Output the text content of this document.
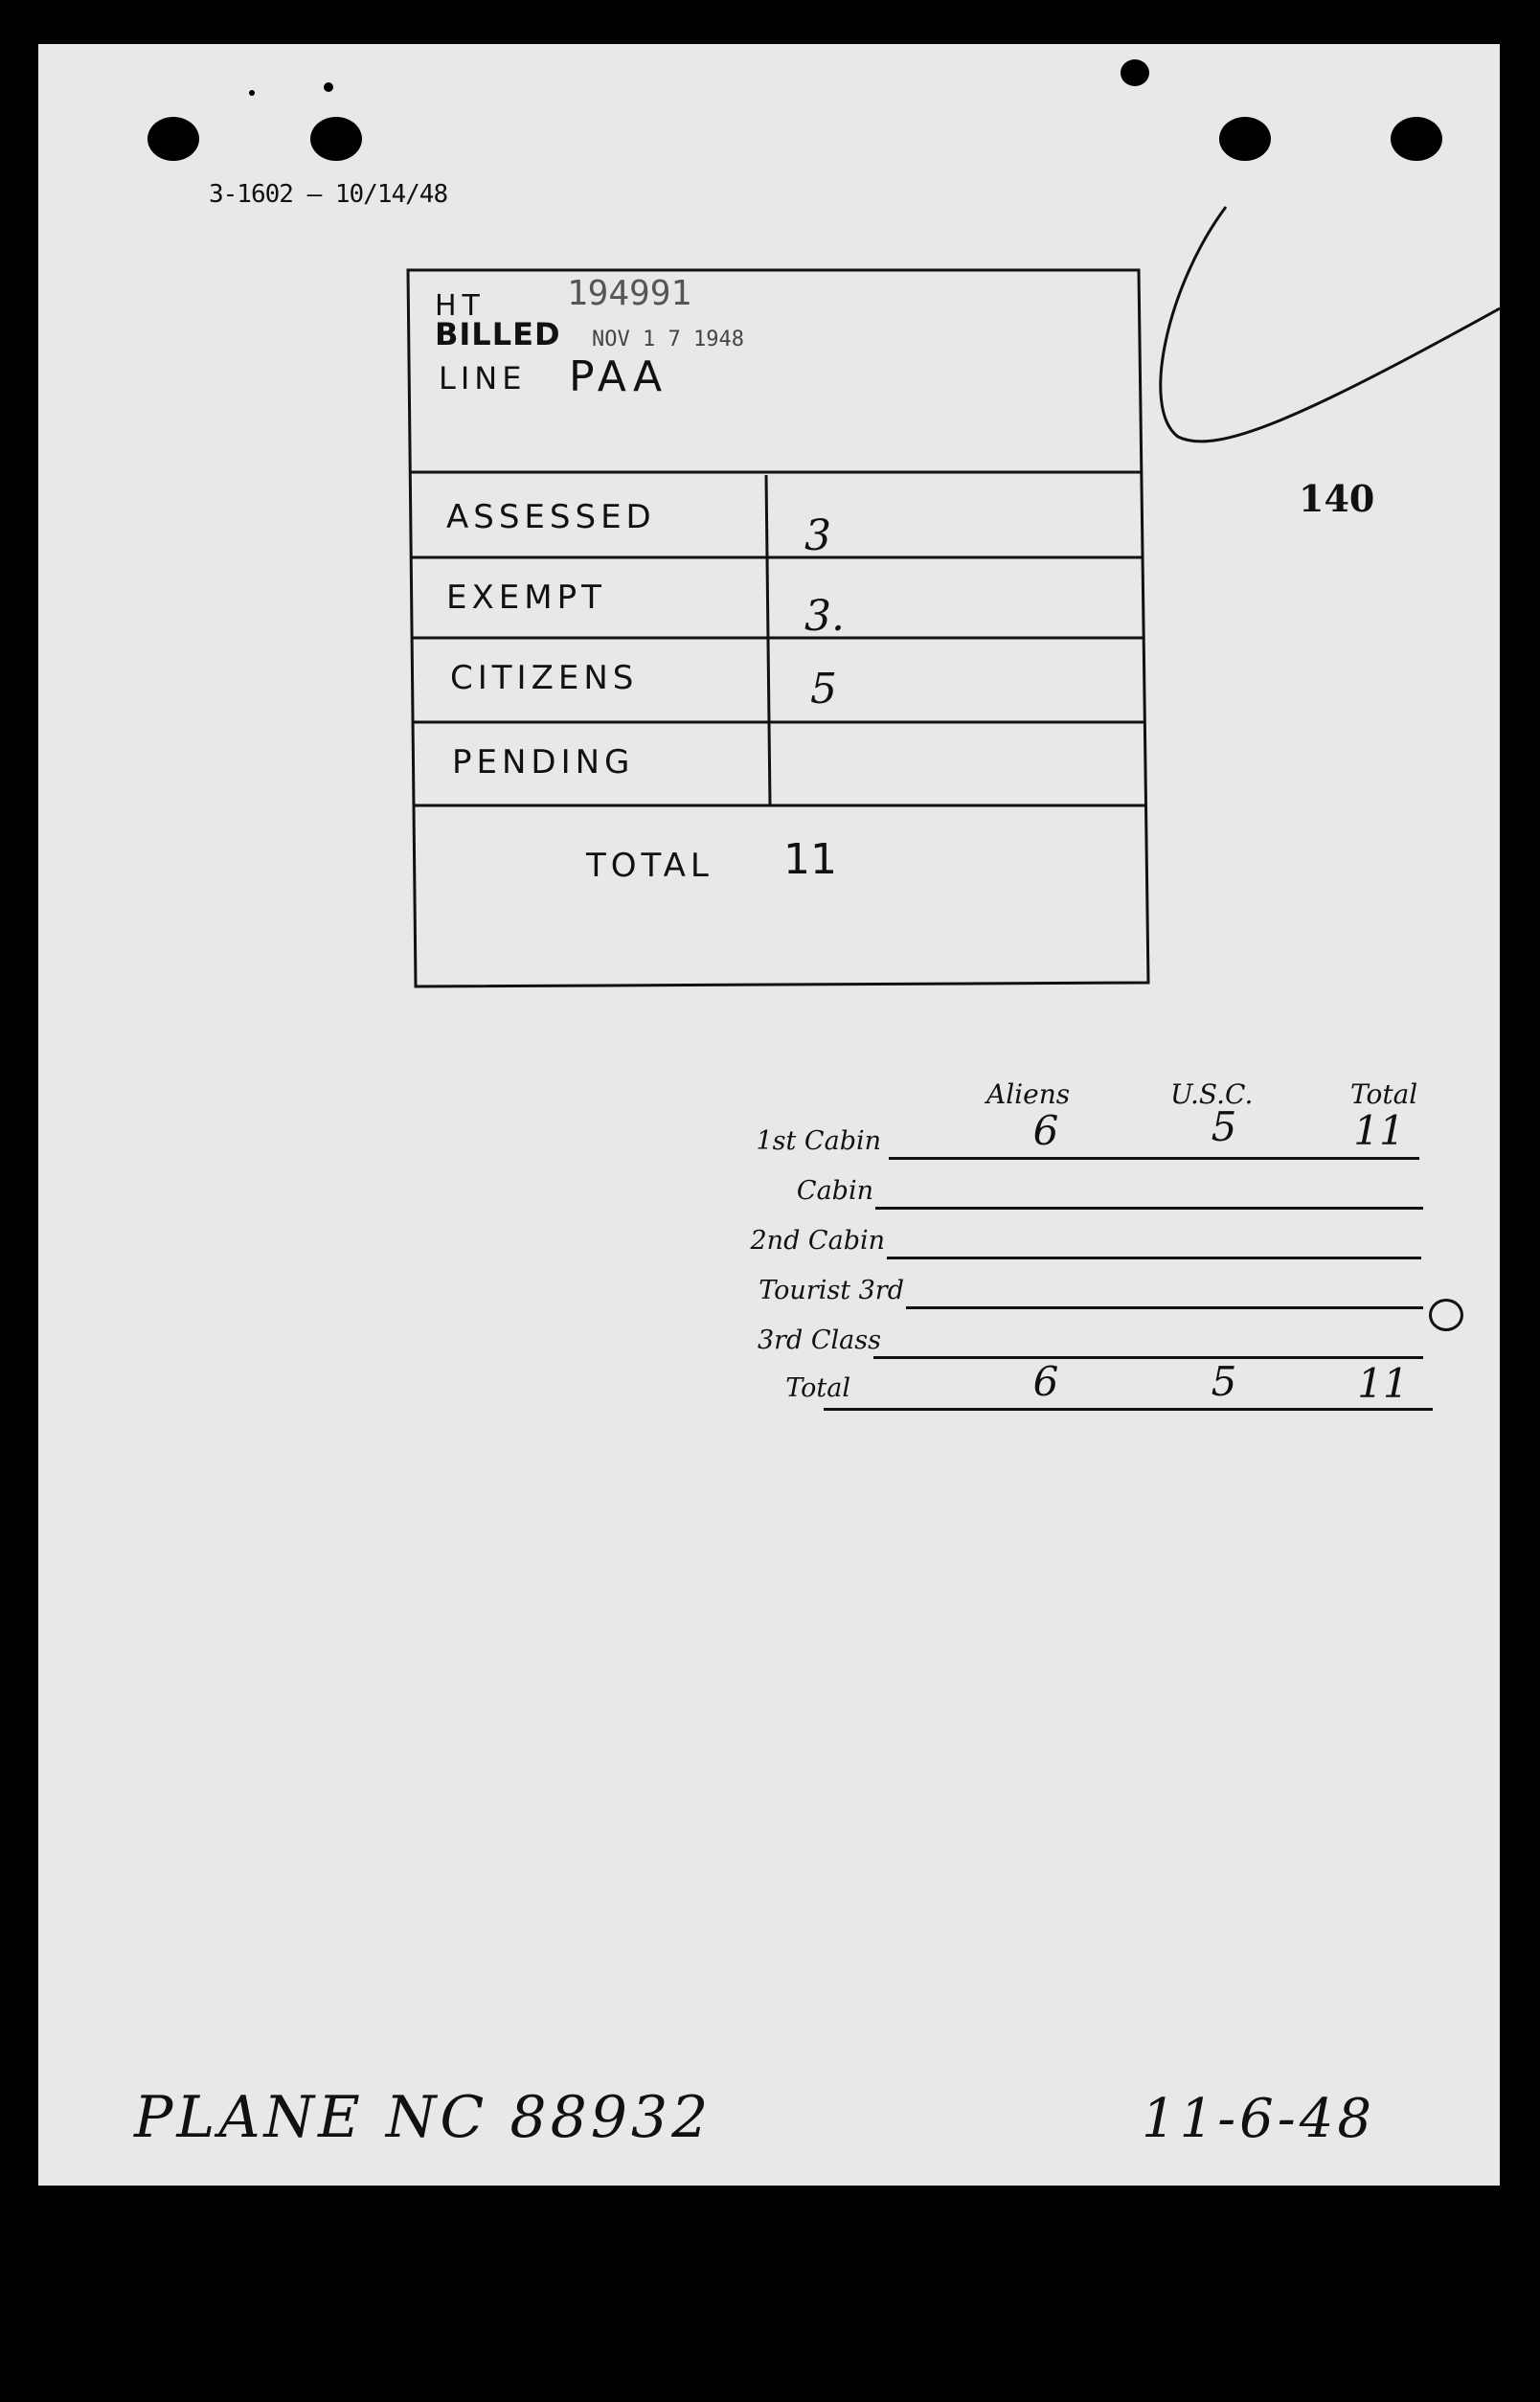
3-1602 — 10/14/48
HT 194991
BILLED NOV 1 7 1948
LINE PAA
140
ASSESSED	3
EXEMPT	3.
CITIZENS	5
PENDING
TOTAL 11
Aliens	U.S.C.	Total
1st Cabin	6	5	11
Cabin
2nd Cabin
Tourist 3rd
3rd Class
Total	6	5	11
PLANE NC 88932	11-6-48
